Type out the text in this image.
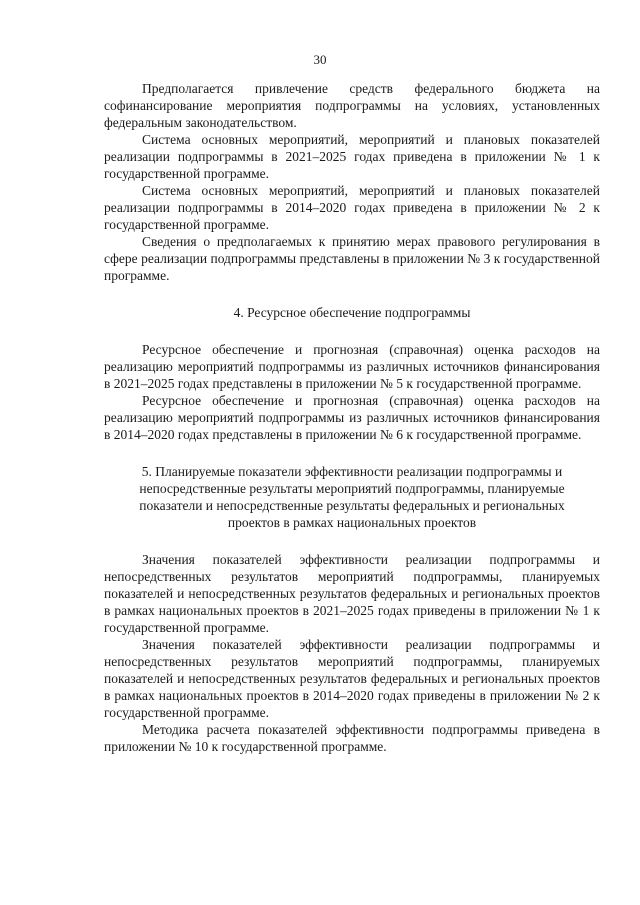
30

Предполагается привлечение средств федерального бюджета на софинансирование мероприятия подпрограммы на условиях, установленных федеральным законодательством.

Система основных мероприятий, мероприятий и плановых показателей реализации подпрограммы в 2021–2025 годах приведена в приложении № 1 к государственной программе.

Система основных мероприятий, мероприятий и плановых показателей реализации подпрограммы в 2014–2020 годах приведена в приложении № 2 к государственной программе.

Сведения о предполагаемых к принятию мерах правового регулирования в сфере реализации подпрограммы представлены в приложении № 3 к государственной программе.

4. Ресурсное обеспечение подпрограммы

Ресурсное обеспечение и прогнозная (справочная) оценка расходов на реализацию мероприятий подпрограммы из различных источников финансирования в 2021–2025 годах представлены в приложении № 5 к государственной программе.

Ресурсное обеспечение и прогнозная (справочная) оценка расходов на реализацию мероприятий подпрограммы из различных источников финансирования в 2014–2020 годах представлены в приложении № 6 к государственной программе.

5. Планируемые показатели эффективности реализации подпрограммы и непосредственные результаты мероприятий подпрограммы, планируемые показатели и непосредственные результаты федеральных и региональных проектов в рамках национальных проектов

Значения показателей эффективности реализации подпрограммы и непосредственных результатов мероприятий подпрограммы, планируемых показателей и непосредственных результатов федеральных и региональных проектов в рамках национальных проектов в 2021–2025 годах приведены в приложении № 1 к государственной программе.

Значения показателей эффективности реализации подпрограммы и непосредственных результатов мероприятий подпрограммы, планируемых показателей и непосредственных результатов федеральных и региональных проектов в рамках национальных проектов в 2014–2020 годах приведены в приложении № 2 к государственной программе.

Методика расчета показателей эффективности подпрограммы приведена в приложении № 10 к государственной программе.
